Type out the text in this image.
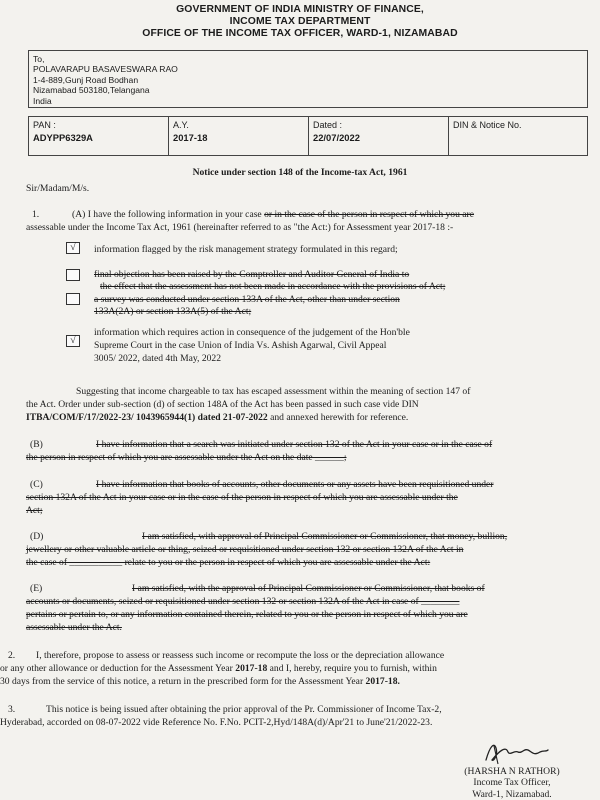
GOVERNMENT OF INDIA MINISTRY OF FINANCE,
INCOME TAX DEPARTMENT
OFFICE OF THE INCOME TAX OFFICER, WARD-1, NIZAMABAD
To,
POLAVARAPU BASAVESWARA RAO
1-4-889,Gunj Road Bodhan
Nizamabad 503180,Telangana
India
PAN :
ADYPP6329A
A.Y.
2017-18
Dated :
22/07/2022
DIN & Notice No.
Notice under section 148 of the Income-tax Act, 1961
Sir/Madam/M/s.
1.	(A) I have the following information in your case or in the case of the person in respect of which you are
assessable under the Income Tax Act, 1961 (hereinafter referred to as "the Act:) for Assessment year 2017-18 :-
√	information flagged by the risk management strategy formulated in this regard;
final objection has been raised by the Comptroller and Auditor General of India to
the effect that the assessment has not been made in accordance with the provisions of Act;
a survey was conducted under section 133A of the Act, other than under section
133A(2A) or section 133A(5) of the Act;
√
information which requires action in consequence of the judgement of the Hon'ble
Supreme Court in the case Union of India Vs. Ashish Agarwal, Civil Appeal
3005/ 2022, dated 4th May, 2022
Suggesting that income chargeable to tax has escaped assessment within the meaning of section 147 of
the Act. Order under sub-section (d) of section 148A of the Act has been passed in such case vide DIN
ITBA/COM/F/17/2022-23/ 1043965944(1) dated 21-07-2022 and annexed herewith for reference.
(B)	I have information that a search was initiated under section 132 of the Act in your case or in the case of
the person in respect of which you are assessable under the Act on the date ______;
(C)	I have information that books of accounts, other documents or any assets have been requisitioned under
section 132A of the Act in your case or in the case of the person in respect of which you are assessable under the
Act;
(D)	I am satisfied, with approval of Principal Commissioner or Commissioner, that money, bullion,
jewellery or other valuable article or thing, seized or requisitioned under section 132 or section 132A of the Act in
the case of ___________ relate to you or the person in respect of which you are assessable under the Act:
(E)	I am satisfied, with the approval of Principal Commissioner or Commissioner, that books of
accounts or documents, seized or requisitioned under section 132 or section 132A of the Act in case of ________
pertains or pertain to, or any information contained therein, related to you or the person in respect of which you are
assessable under the Act.
2. I, therefore, propose to assess or reassess such income or recompute the loss or the depreciation allowance
or any other allowance or deduction for the Assessment Year 2017-18 and I, hereby, require you to furnish, within
30 days from the service of this notice, a return in the prescribed form for the Assessment Year 2017-18.
3.	This notice is being issued after obtaining the prior approval of the Pr. Commissioner of Income Tax-2,
Hyderabad, accorded on 08-07-2022 vide Reference No. F.No. PCIT-2,Hyd/148A(d)/Apr'21 to June'21/2022-23.
(HARSHA N RATHOR)
Income Tax Officer,
Ward-1, Nizamabad.
